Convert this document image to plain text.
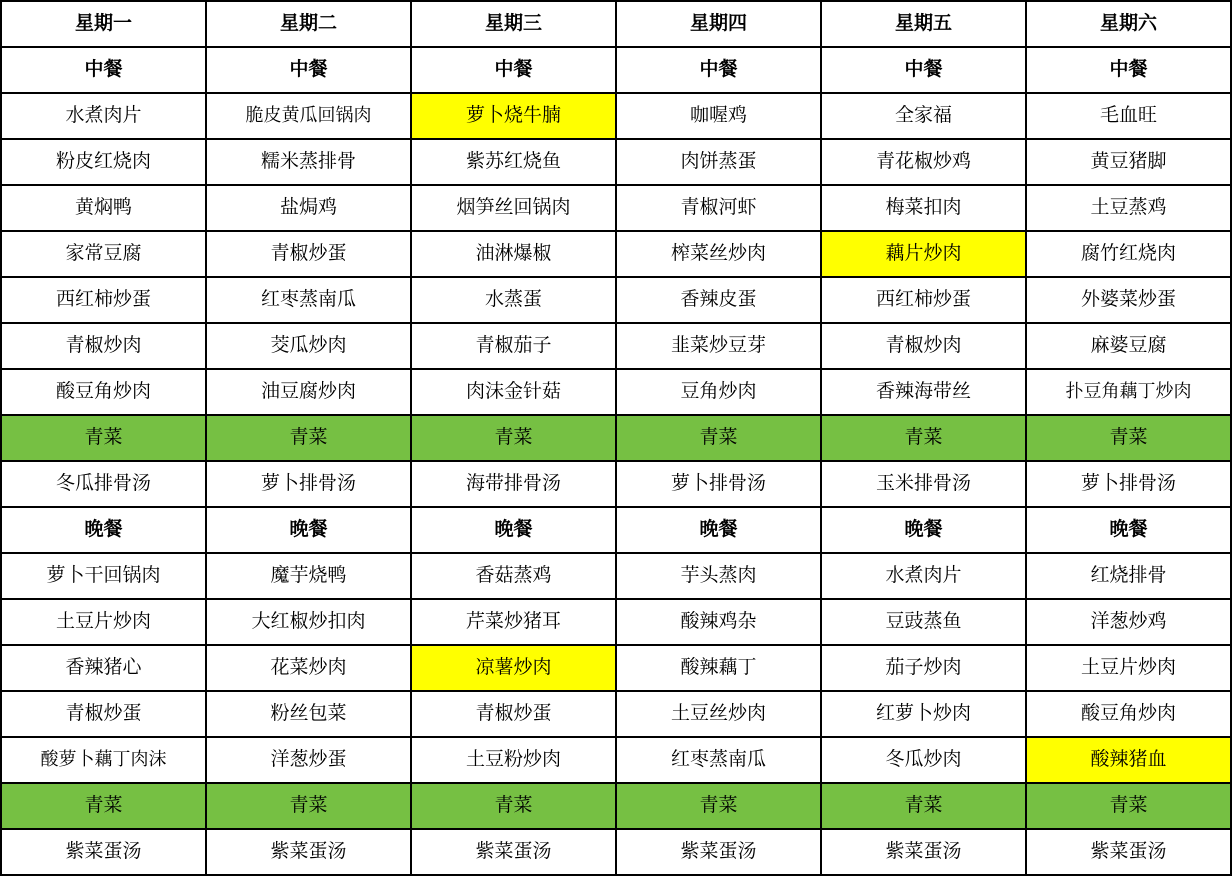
星期一	星期二	星期三	星期四	星期五	星期六
中餐	中餐	中餐	中餐	中餐	中餐
水煮肉片	脆皮黄瓜回锅肉	萝卜烧牛腩	咖喔鸡	全家福	毛血旺
粉皮红烧肉	糯米蒸排骨	紫苏红烧鱼	肉饼蒸蛋	青花椒炒鸡	黄豆猪脚
黄焖鸭	盐焗鸡	烟笋丝回锅肉	青椒河虾	梅菜扣肉	土豆蒸鸡
家常豆腐	青椒炒蛋	油淋爆椒	榨菜丝炒肉	藕片炒肉	腐竹红烧肉
西红柿炒蛋	红枣蒸南瓜	水蒸蛋	香辣皮蛋	西红柿炒蛋	外婆菜炒蛋
青椒炒肉	茭瓜炒肉	青椒茄子	韭菜炒豆芽	青椒炒肉	麻婆豆腐
酸豆角炒肉	油豆腐炒肉	肉沫金针菇	豆角炒肉	香辣海带丝	扑豆角藕丁炒肉
青菜	青菜	青菜	青菜	青菜	青菜
冬瓜排骨汤	萝卜排骨汤	海带排骨汤	萝卜排骨汤	玉米排骨汤	萝卜排骨汤
晚餐	晚餐	晚餐	晚餐	晚餐	晚餐
萝卜干回锅肉	魔芋烧鸭	香菇蒸鸡	芋头蒸肉	水煮肉片	红烧排骨
土豆片炒肉	大红椒炒扣肉	芹菜炒猪耳	酸辣鸡杂	豆豉蒸鱼	洋葱炒鸡
香辣猪心	花菜炒肉	凉薯炒肉	酸辣藕丁	茄子炒肉	土豆片炒肉
青椒炒蛋	粉丝包菜	青椒炒蛋	土豆丝炒肉	红萝卜炒肉	酸豆角炒肉
酸萝卜藕丁肉沫	洋葱炒蛋	土豆粉炒肉	红枣蒸南瓜	冬瓜炒肉	酸辣猪血
青菜	青菜	青菜	青菜	青菜	青菜
紫菜蛋汤	紫菜蛋汤	紫菜蛋汤	紫菜蛋汤	紫菜蛋汤	紫菜蛋汤
